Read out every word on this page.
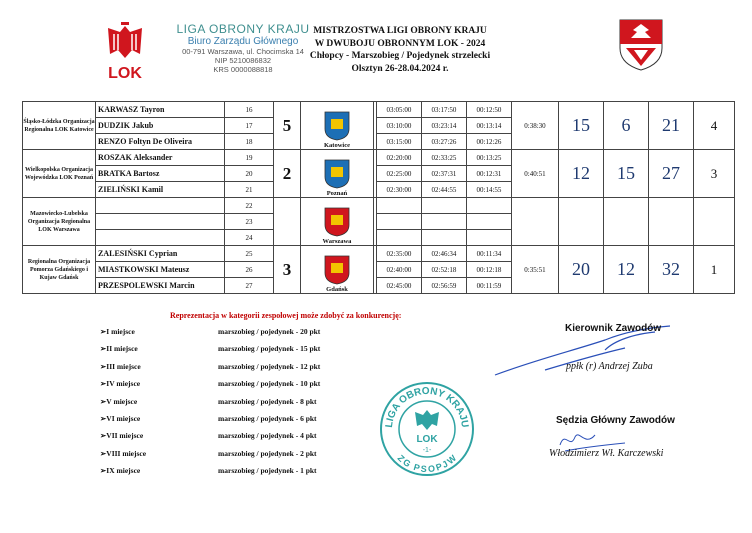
LOK
LIGA OBRONY KRAJU
Biuro Zarządu Głównego
00-791 Warszawa, ul. Chocimska 14
NIP 5210086832
KRS 0000088818
MISTRZOSTWA LIGI OBRONY KRAJU
W DWUBOJU OBRONNYM LOK - 2024
Chłopcy - Marszobieg / Pojedynek strzelecki
Olsztyn 26-28.04.2024 r.
Śląsko-Łódzka Organizacja Regionalna LOK Katowice	KARWASZ Tayron	16	5	Katowice		03:05:00	03:17:50	00:12:50	0:38:30	15	6	21	4
	DUDZIK Jakub	17				03:10:00	03:23:14	00:13:14					
	RENZO Foltyn De Oliveira	18				03:15:00	03:27:26	00:12:26					
Wielkopolska Organizacja Wojewódzka LOK Poznań	ROSZAK Aleksander	19	2	Poznań		02:20:00	02:33:25	00:13:25	0:40:51	12	15	27	3
	BRATKA Bartosz	20				02:25:00	02:37:31	00:12:31					
	ZIELIŃSKI Kamil	21				02:30:00	02:44:55	00:14:55					
Mazowiecko-Lubelska Organizacja Regionalna LOK Warszawa		22		Warszawa									
		23											
		24											
Regionalna Organizacja Pomorza Gdańskiego i Kujaw Gdańsk	ZALESIŃSKI Cyprian	25	3	Gdańsk		02:35:00	02:46:34	00:11:34	0:35:51	20	12	32	1
	MIASTKOWSKI Mateusz	26				02:40:00	02:52:18	00:12:18					
	PRZESPOLEWSKI Marcin	27				02:45:00	02:56:59	00:11:59					
Reprezentacja w kategorii zespołowej może zdobyć za konkurencję:
➢ I miejsce	marszobieg / pojedynek - 20 pkt
➢ II miejsce	marszobieg / pojedynek - 15 pkt
➢ III miejsce	marszobieg / pojedynek - 12 pkt
➢ IV miejsce	marszobieg / pojedynek - 10 pkt
➢ V miejsce	marszobieg / pojedynek - 8 pkt
➢ VI miejsce	marszobieg / pojedynek - 6 pkt
➢ VII miejsce	marszobieg / pojedynek - 4 pkt
➢ VIII miejsce	marszobieg / pojedynek - 2 pkt
➢ IX miejsce	marszobieg / pojedynek - 1 pkt
LIGA OBRONY KRAJU
ZG PSOPJW
LOK
-1-
Kierownik Zawodów
ppłk (r) Andrzej Zuba
Sędzia Główny Zawodów
Włodzimierz Wł. Karczewski
